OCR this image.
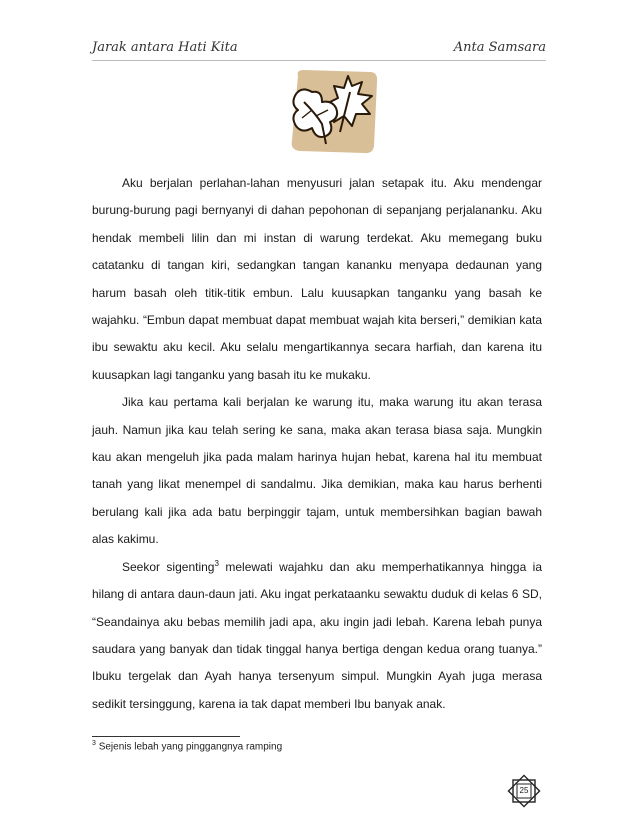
Jarak antara Hati Kita	Anta Samsara

Aku berjalan perlahan-lahan menyusuri jalan setapak itu. Aku mendengar burung-burung pagi bernyanyi di dahan pepohonan di sepanjang perjalananku. Aku hendak membeli lilin dan mi instan di warung terdekat. Aku memegang buku catatanku di tangan kiri, sedangkan tangan kananku menyapa dedaunan yang harum basah oleh titik-titik embun. Lalu kuusapkan tanganku yang basah ke wajahku. “Embun dapat membuat dapat membuat wajah kita berseri,” demikian kata ibu sewaktu aku kecil. Aku selalu mengartikannya secara harfiah, dan karena itu kuusapkan lagi tanganku yang basah itu ke mukaku.

Jika kau pertama kali berjalan ke warung itu, maka warung itu akan terasa jauh. Namun jika kau telah sering ke sana, maka akan terasa biasa saja. Mungkin kau akan mengeluh jika pada malam harinya hujan hebat, karena hal itu membuat tanah yang likat menempel di sandalmu. Jika demikian, maka kau harus berhenti berulang kali jika ada batu berpinggir tajam, untuk membersihkan bagian bawah alas kakimu.

Seekor sigenting$^3$ melewati wajahku dan aku memperhatikannya hingga ia hilang di antara daun-daun jati. Aku ingat perkataanku sewaktu duduk di kelas 6 SD, “Seandainya aku bebas memilih jadi apa, aku ingin jadi lebah. Karena lebah punya saudara yang banyak dan tidak tinggal hanya bertiga dengan kedua orang tuanya.” Ibuku tergelak dan Ayah hanya tersenyum simpul. Mungkin Ayah juga merasa sedikit tersinggung, karena ia tak dapat memberi Ibu banyak anak.

$^3$ Sejenis lebah yang pinggangnya ramping
25
